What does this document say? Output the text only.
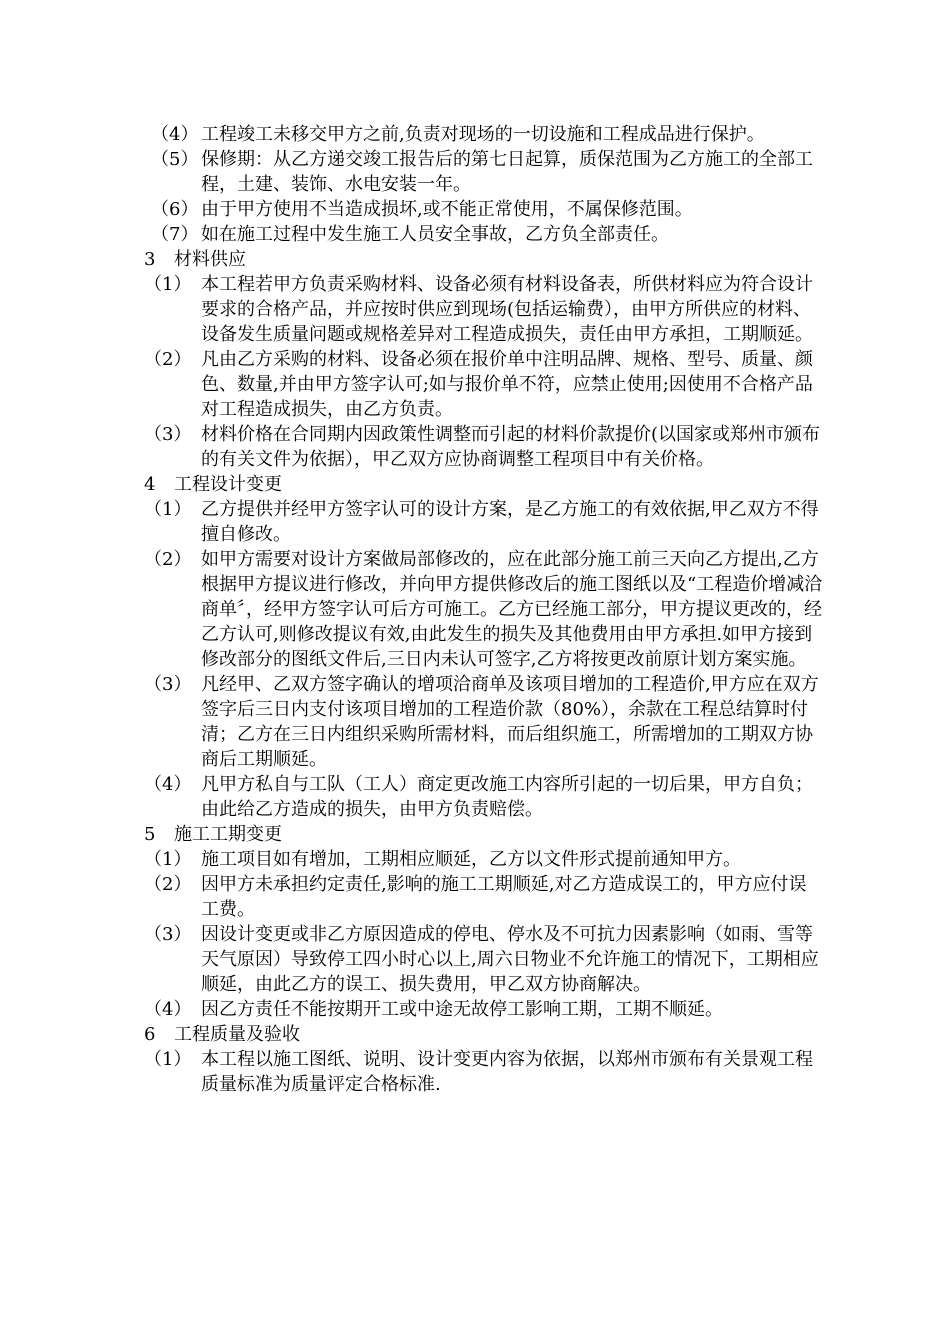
（4） 工程竣工未移交甲方之前,负责对现场的一切设施和工程成品进行保护。
（5） 保修期：从乙方递交竣工报告后的第七日起算，质保范围为乙方施工的全部工程，土建、装饰、水电安装一年。
（6） 由于甲方使用不当造成损坏,或不能正常使用，不属保修范围。
（7） 如在施工过程中发生施工人员安全事故，乙方负全部责任。
3 材料供应
（1） 本工程若甲方负责采购材料、设备必须有材料设备表，所供材料应为符合设计要求的合格产品，并应按时供应到现场(包括运输费），由甲方所供应的材料、设备发生质量问题或规格差异对工程造成损失，责任由甲方承担，工期顺延。
（2） 凡由乙方采购的材料、设备必须在报价单中注明品牌、规格、型号、质量、颜色、数量,并由甲方签字认可;如与报价单不符，应禁止使用;因使用不合格产品对工程造成损失，由乙方负责。
（3） 材料价格在合同期内因政策性调整而引起的材料价款提价(以国家或郑州市颁布的有关文件为依据），甲乙双方应协商调整工程项目中有关价格。
4 工程设计变更
（1） 乙方提供并经甲方签字认可的设计方案，是乙方施工的有效依据,甲乙双方不得擅自修改。
（2） 如甲方需要对设计方案做局部修改的，应在此部分施工前三天向乙方提出,乙方根据甲方提议进行修改，并向甲方提供修改后的施工图纸以及“工程造价增减洽商单〞，经甲方签字认可后方可施工。乙方已经施工部分，甲方提议更改的，经乙方认可,则修改提议有效,由此发生的损失及其他费用由甲方承担.如甲方接到修改部分的图纸文件后,三日内未认可签字,乙方将按更改前原计划方案实施。
（3） 凡经甲、乙双方签字确认的增项洽商单及该项目增加的工程造价,甲方应在双方签字后三日内支付该项目增加的工程造价款（80%），余款在工程总结算时付清；乙方在三日内组织采购所需材料，而后组织施工，所需增加的工期双方协商后工期顺延。
（4） 凡甲方私自与工队（工人）商定更改施工内容所引起的一切后果，甲方自负；由此给乙方造成的损失，由甲方负责赔偿。
5 施工工期变更
（1） 施工项目如有增加，工期相应顺延，乙方以文件形式提前通知甲方。
（2） 因甲方未承担约定责任,影响的施工工期顺延,对乙方造成误工的，甲方应付误工费。
（3） 因设计变更或非乙方原因造成的停电、停水及不可抗力因素影响（如雨、雪等天气原因）导致停工四小时心以上,周六日物业不允许施工的情况下，工期相应顺延，由此乙方的误工、损失费用，甲乙双方协商解决。
（4） 因乙方责任不能按期开工或中途无故停工影响工期，工期不顺延。
6 工程质量及验收
（1） 本工程以施工图纸、说明、设计变更内容为依据，以郑州市颁布有关景观工程质量标准为质量评定合格标准.
